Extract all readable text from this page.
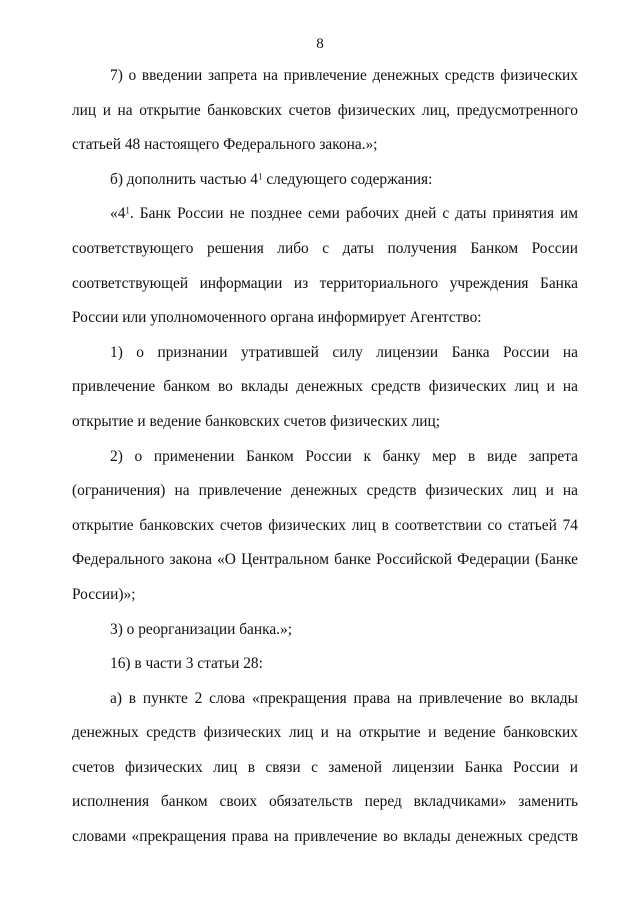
8
7) о введении запрета на привлечение денежных средств физических
лиц и на открытие банковских счетов физических лиц, предусмотренного
статьей 48 настоящего Федерального закона.»;
б) дополнить частью $4^1$ следующего содержания:
«$4^1$. Банк России не позднее семи рабочих дней с даты принятия им
соответствующего решения либо с даты получения Банком России
соответствующей информации из территориального учреждения Банка
России или уполномоченного органа информирует Агентство:
1) о признании утратившей силу лицензии Банка России на
привлечение банком во вклады денежных средств физических лиц и на
открытие и ведение банковских счетов физических лиц;
2) о применении Банком России к банку мер в виде запрета
(ограничения) на привлечение денежных средств физических лиц и на
открытие банковских счетов физических лиц в соответствии со статьей 74
Федерального закона «О Центральном банке Российской Федерации (Банке
России)»;
3) о реорганизации банка.»;
16) в части 3 статьи 28:
а) в пункте 2 слова «прекращения права на привлечение во вклады
денежных средств физических лиц и на открытие и ведение банковских
счетов физических лиц в связи с заменой лицензии Банка России и
исполнения банком своих обязательств перед вкладчиками» заменить
словами «прекращения права на привлечение во вклады денежных средств
